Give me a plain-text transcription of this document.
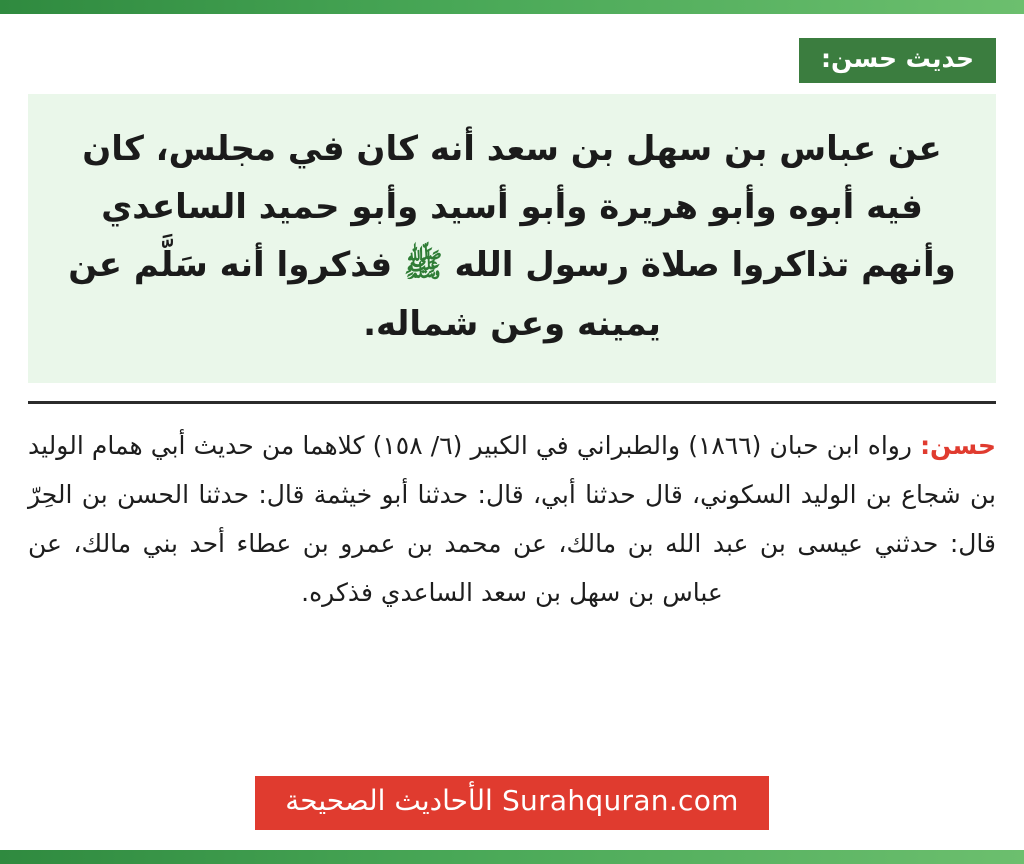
حديث حسن:
عن عباس بن سهل بن سعد أنه كان في مجلس، كان فيه أبوه وأبو هريرة وأبو أسيد وأبو حميد الساعدي وأنهم تذاكروا صلاة رسول الله ﷺ فذكروا أنه سَلَّم عن يمينه وعن شماله.
حسن: رواه ابن حبان (١٨٦٦) والطبراني في الكبير (٦/ ١٥٨) كلاهما من حديث أبي همام الوليد بن شجاع بن الوليد السكوني، قال حدثنا أبي، قال: حدثنا أبو خيثمة قال: حدثنا الحسن بن الحِرّ قال: حدثني عيسى بن عبد الله بن مالك، عن محمد بن عمرو بن عطاء أحد بني مالك، عن عباس بن سهل بن سعد الساعدي فذكره.
Surahquran.com الأحاديث الصحيحة
